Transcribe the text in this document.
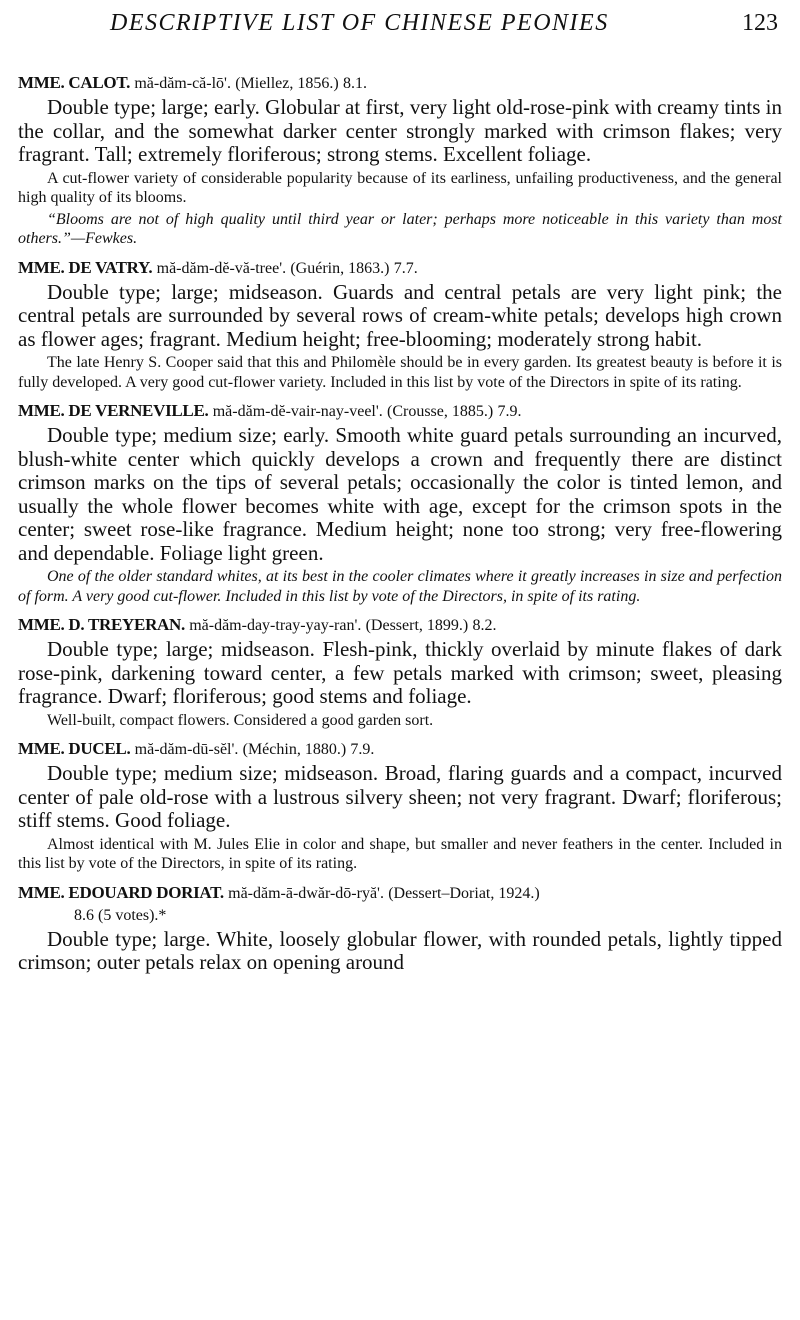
DESCRIPTIVE LIST OF CHINESE PEONIES	123

MME. CALOT. mă-dăm-că-lō'. (Miellez, 1856.) 8.1.

Double type; large; early. Globular at first, very light old-rose-pink with creamy tints in the collar, and the somewhat darker center strongly marked with crimson flakes; very fragrant. Tall; extremely floriferous; strong stems. Excellent foliage.

A cut-flower variety of considerable popularity because of its earliness, unfailing productiveness, and the general high quality of its blooms.

“Blooms are not of high quality until third year or later; perhaps more noticeable in this variety than most others.”—Fewkes.

MME. DE VATRY. mă-dăm-dĕ-vă-tree'. (Guérin, 1863.) 7.7.

Double type; large; midseason. Guards and central petals are very light pink; the central petals are surrounded by several rows of cream-white petals; develops high crown as flower ages; fragrant. Medium height; free-blooming; moderately strong habit.

The late Henry S. Cooper said that this and Philomèle should be in every garden. Its greatest beauty is before it is fully developed. A very good cut-flower variety. Included in this list by vote of the Directors in spite of its rating.

MME. DE VERNEVILLE. mă-dăm-dĕ-vair-nay-veel'. (Crousse, 1885.) 7.9.

Double type; medium size; early. Smooth white guard petals surrounding an incurved, blush-white center which quickly develops a crown and frequently there are distinct crimson marks on the tips of several petals; occasionally the color is tinted lemon, and usually the whole flower becomes white with age, except for the crimson spots in the center; sweet rose-like fragrance. Medium height; none too strong; very free-flowering and dependable. Foliage light green.

One of the older standard whites, at its best in the cooler climates where it greatly increases in size and perfection of form. A very good cut-flower. Included in this list by vote of the Directors, in spite of its rating.

MME. D. TREYERAN. mă-dăm-day-tray-yay-ran'. (Dessert, 1899.) 8.2.

Double type; large; midseason. Flesh-pink, thickly overlaid by minute flakes of dark rose-pink, darkening toward center, a few petals marked with crimson; sweet, pleasing fragrance. Dwarf; floriferous; good stems and foliage.

Well-built, compact flowers. Considered a good garden sort.

MME. DUCEL. mă-dăm-dū-sĕl'. (Méchin, 1880.) 7.9.

Double type; medium size; midseason. Broad, flaring guards and a compact, incurved center of pale old-rose with a lustrous silvery sheen; not very fragrant. Dwarf; floriferous; stiff stems. Good foliage.

Almost identical with M. Jules Elie in color and shape, but smaller and never feathers in the center. Included in this list by vote of the Directors, in spite of its rating.

MME. EDOUARD DORIAT. mă-dăm-ā-dwăr-dō-ryă'. (Dessert–Doriat, 1924.)
8.6 (5 votes).*

Double type; large. White, loosely globular flower, with rounded petals, lightly tipped crimson; outer petals relax on opening around
